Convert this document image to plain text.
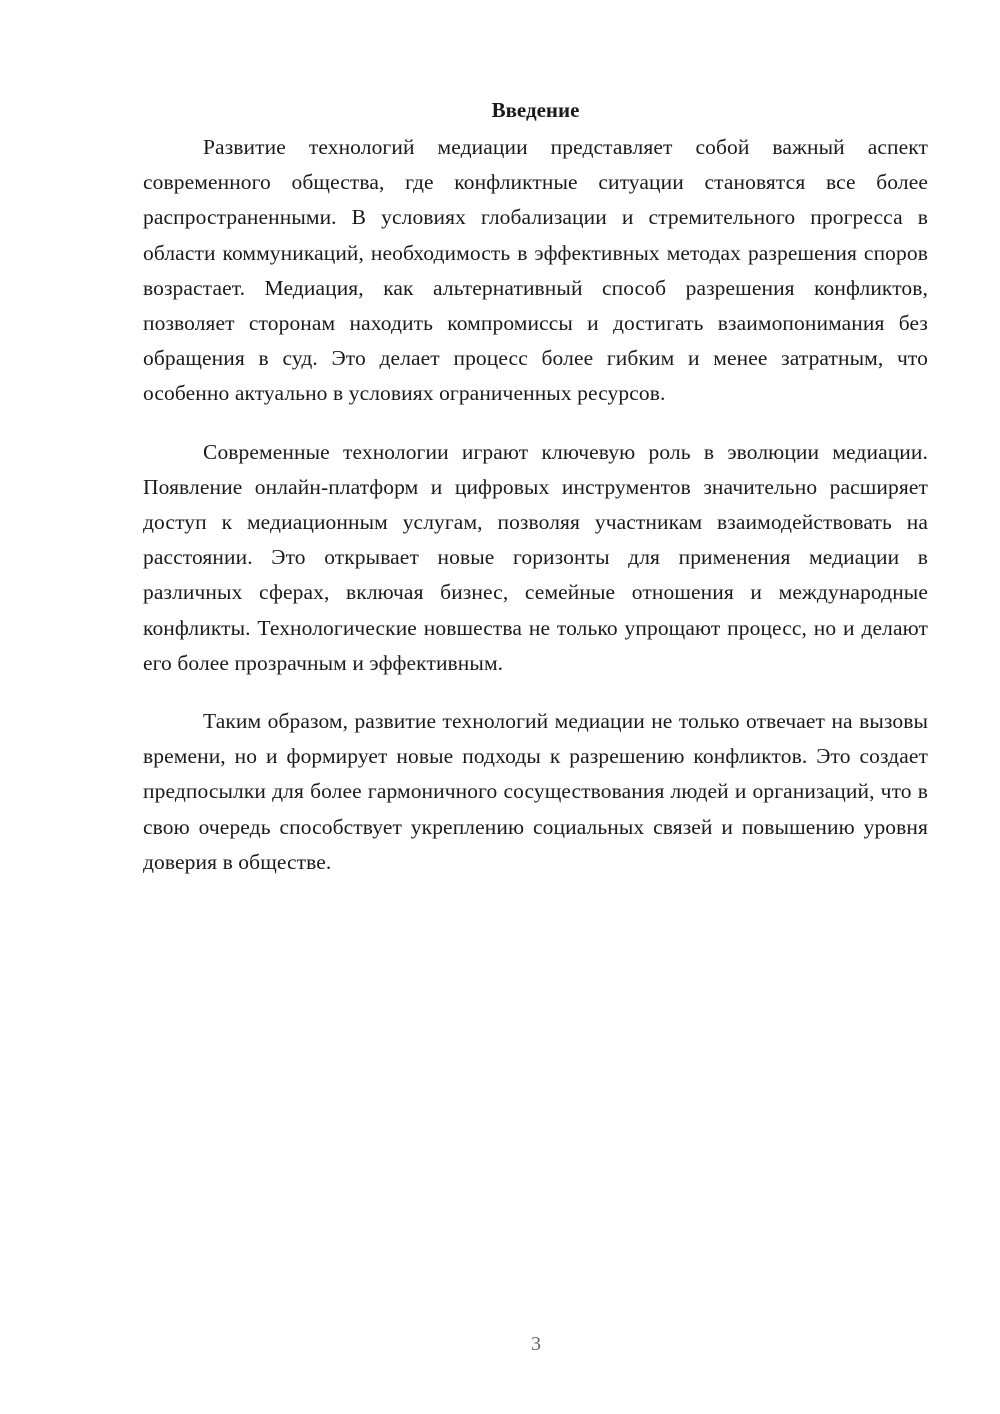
Введение

Развитие технологий медиации представляет собой важный аспект современного общества, где конфликтные ситуации становятся все более распространенными. В условиях глобализации и стремительного прогресса в области коммуникаций, необходимость в эффективных методах разрешения споров возрастает. Медиация, как альтернативный способ разрешения конфликтов, позволяет сторонам находить компромиссы и достигать взаимопонимания без обращения в суд. Это делает процесс более гибким и менее затратным, что особенно актуально в условиях ограниченных ресурсов.

Современные технологии играют ключевую роль в эволюции медиации. Появление онлайн-платформ и цифровых инструментов значительно расширяет доступ к медиационным услугам, позволяя участникам взаимодействовать на расстоянии. Это открывает новые горизонты для применения медиации в различных сферах, включая бизнес, семейные отношения и международные конфликты. Технологические новшества не только упрощают процесс, но и делают его более прозрачным и эффективным.

Таким образом, развитие технологий медиации не только отвечает на вызовы времени, но и формирует новые подходы к разрешению конфликтов. Это создает предпосылки для более гармоничного сосуществования людей и организаций, что в свою очередь способствует укреплению социальных связей и повышению уровня доверия в обществе.

3
